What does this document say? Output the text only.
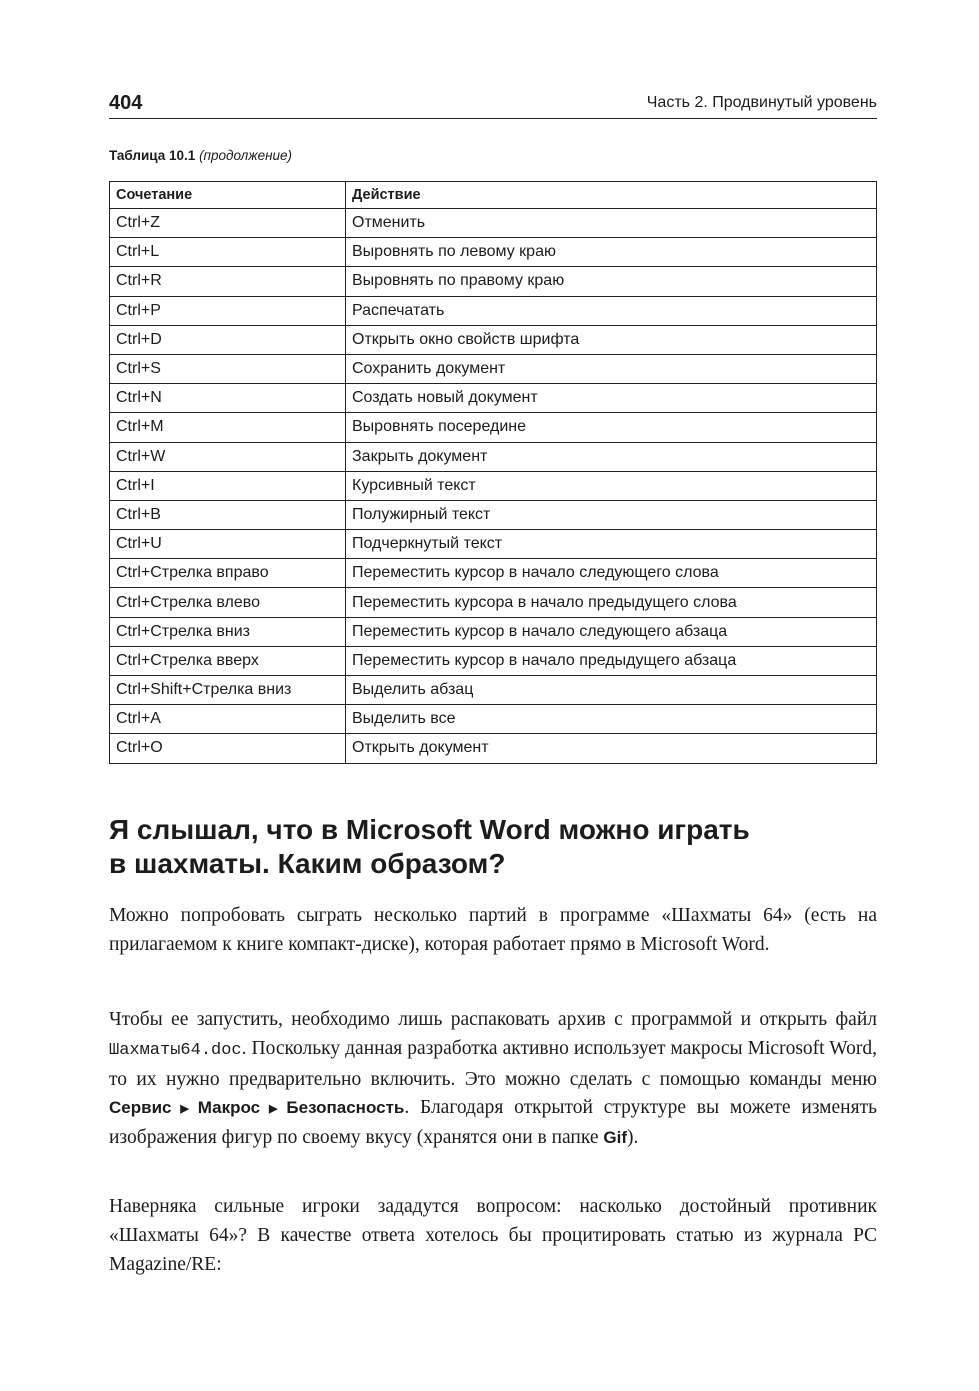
404	Часть 2. Продвинутый уровень
Таблица 10.1 (продолжение)
Сочетание	Действие
Ctrl+Z	Отменить
Ctrl+L	Выровнять по левому краю
Ctrl+R	Выровнять по правому краю
Ctrl+P	Распечатать
Ctrl+D	Открыть окно свойств шрифта
Ctrl+S	Сохранить документ
Ctrl+N	Создать новый документ
Ctrl+M	Выровнять посередине
Ctrl+W	Закрыть документ
Ctrl+I	Курсивный текст
Ctrl+B	Полужирный текст
Ctrl+U	Подчеркнутый текст
Ctrl+Стрелка вправо	Переместить курсор в начало следующего слова
Ctrl+Стрелка влево	Переместить курсора в начало предыдущего слова
Ctrl+Стрелка вниз	Переместить курсор в начало следующего абзаца
Ctrl+Стрелка вверх	Переместить курсор в начало предыдущего абзаца
Ctrl+Shift+Стрелка вниз	Выделить абзац
Ctrl+A	Выделить все
Ctrl+O	Открыть документ
Я слышал, что в Microsoft Word можно играть
в шахматы. Каким образом?

Можно попробовать сыграть несколько партий в программе «Шахматы 64» (есть на прилагаемом к книге компакт-диске), которая работает прямо в Microsoft Word.

Чтобы ее запустить, необходимо лишь распаковать архив с программой и открыть файл Шахматы64.doc. Поскольку данная разработка активно использует макросы Microsoft Word, то их нужно предварительно включить. Это можно сделать с помощью команды меню Сервис ▶ Макрос ▶ Безопасность. Благодаря открытой структуре вы можете изменять изображения фигур по своему вкусу (хранятся они в папке Gif).

Наверняка сильные игроки зададутся вопросом: насколько достойный противник «Шахматы 64»? В качестве ответа хотелось бы процитировать статью из журнала PC Magazine/RE:
